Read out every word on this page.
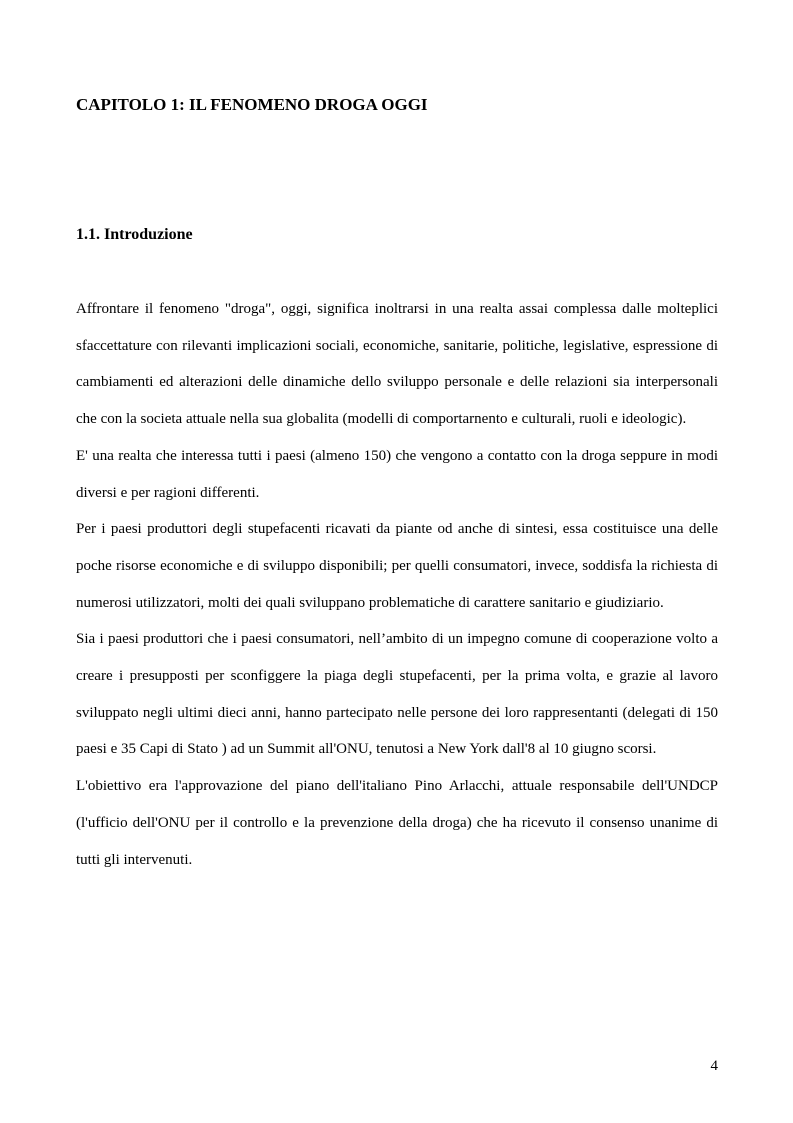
CAPITOLO 1: IL FENOMENO DROGA OGGI
1.1. Introduzione

Affrontare il fenomeno "droga", oggi, significa inoltrarsi in una realta assai complessa dalle molteplici sfaccettature con rilevanti implicazioni sociali, economiche, sanitarie, politiche, legislative, espressione di cambiamenti ed alterazioni delle dinamiche dello sviluppo personale e delle relazioni sia interpersonali che con la societa attuale nella sua globalita (modelli di comportarnento e culturali, ruoli e ideologic).

E' una realta che interessa tutti i paesi (almeno 150) che vengono a contatto con la droga seppure in modi diversi e per ragioni differenti.

Per i paesi produttori degli stupefacenti ricavati da piante od anche di sintesi, essa costituisce una delle poche risorse economiche e di sviluppo disponibili; per quelli consumatori, invece, soddisfa la richiesta di numerosi utilizzatori, molti dei quali sviluppano problematiche di carattere sanitario e giudiziario.

Sia i paesi produttori che i paesi consumatori, nell’ambito di un impegno comune di cooperazione volto a creare i presupposti per sconfiggere la piaga degli stupefacenti, per la prima volta, e grazie al lavoro sviluppato negli ultimi dieci anni, hanno partecipato nelle persone dei loro rappresentanti (delegati di 150 paesi e 35 Capi di Stato ) ad un Summit all'ONU, tenutosi a New York dall'8 al 10 giugno scorsi.

L'obiettivo era l'approvazione del piano dell'italiano Pino Arlacchi, attuale responsabile dell'UNDCP (l'ufficio dell'ONU per il controllo e la prevenzione della droga) che ha ricevuto il consenso unanime di tutti gli intervenuti.

4
